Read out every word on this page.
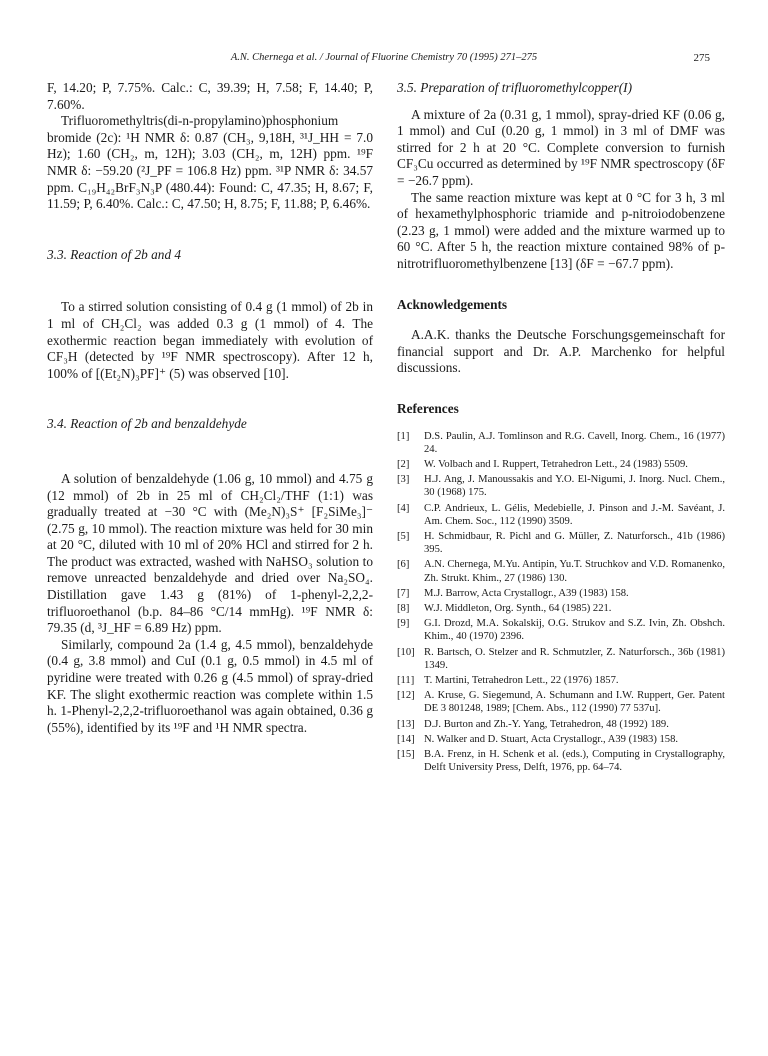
A.N. Chernega et al. / Journal of Fluorine Chemistry 70 (1995) 271–275	275

F, 14.20; P, 7.75%. Calc.: C, 39.39; H, 7.58; F, 14.40; P, 7.60%.

Trifluoromethyltris(di-n-propylamino)phosphonium bromide (2c): ¹H NMR δ: 0.87 (CH₃, 9,18H, ³¹J_HH = 7.0 Hz); 1.60 (CH₂, m, 12H); 3.03 (CH₂, m, 12H) ppm. ¹⁹F NMR δ: −59.20 (²J_PF = 106.8 Hz) ppm. ³¹P NMR δ: 34.57 ppm. C₁₉H₄₂BrF₃N₃P (480.44): Found: C, 47.35; H, 8.67; F, 11.59; P, 6.40%. Calc.: C, 47.50; H, 8.75; F, 11.88; P, 6.46%.

3.3. Reaction of 2b and 4

To a stirred solution consisting of 0.4 g (1 mmol) of 2b in 1 ml of CH₂Cl₂ was added 0.3 g (1 mmol) of 4. The exothermic reaction began immediately with evolution of CF₃H (detected by ¹⁹F NMR spectroscopy). After 12 h, 100% of [(Et₂N)₃PF]⁺ (5) was observed [10].

3.4. Reaction of 2b and benzaldehyde

A solution of benzaldehyde (1.06 g, 10 mmol) and 4.75 g (12 mmol) of 2b in 25 ml of CH₂Cl₂/THF (1:1) was gradually treated at −30 °C with (Me₂N)₃S⁺ [F₂SiMe₃]⁻ (2.75 g, 10 mmol). The reaction mixture was held for 30 min at 20 °C, diluted with 10 ml of 20% HCl and stirred for 2 h. The product was extracted, washed with NaHSO₃ solution to remove unreacted benzaldehyde and dried over Na₂SO₄. Distillation gave 1.43 g (81%) of 1-phenyl-2,2,2-trifluoroethanol (b.p. 84–86 °C/14 mmHg). ¹⁹F NMR δ: 79.35 (d, ³J_HF = 6.89 Hz) ppm.

Similarly, compound 2a (1.4 g, 4.5 mmol), benzaldehyde (0.4 g, 3.8 mmol) and CuI (0.1 g, 0.5 mmol) in 4.5 ml of pyridine were treated with 0.26 g (4.5 mmol) of spray-dried KF. The slight exothermic reaction was complete within 1.5 h. 1-Phenyl-2,2,2-trifluoroethanol was again obtained, 0.36 g (55%), identified by its ¹⁹F and ¹H NMR spectra.

3.5. Preparation of trifluoromethylcopper(I)

A mixture of 2a (0.31 g, 1 mmol), spray-dried KF (0.06 g, 1 mmol) and CuI (0.20 g, 1 mmol) in 3 ml of DMF was stirred for 2 h at 20 °C. Complete conversion to furnish CF₃Cu occurred as determined by ¹⁹F NMR spectroscopy (δF = −26.7 ppm).

The same reaction mixture was kept at 0 °C for 3 h, 3 ml of hexamethylphosphoric triamide and p-nitroiodobenzene (2.23 g, 1 mmol) were added and the mixture warmed up to 60 °C. After 5 h, the reaction mixture contained 98% of p-nitrotrifluoromethylbenzene [13] (δF = −67.7 ppm).

Acknowledgements

A.A.K. thanks the Deutsche Forschungsgemeinschaft for financial support and Dr. A.P. Marchenko for helpful discussions.

References
[1] D.S. Paulin, A.J. Tomlinson and R.G. Cavell, Inorg. Chem., 16 (1977) 24.
[2] W. Volbach and I. Ruppert, Tetrahedron Lett., 24 (1983) 5509.
[3] H.J. Ang, J. Manoussakis and Y.O. El-Nigumi, J. Inorg. Nucl. Chem., 30 (1968) 175.
[4] C.P. Andrieux, L. Gélis, Medebielle, J. Pinson and J.-M. Savéant, J. Am. Chem. Soc., 112 (1990) 3509.
[5] H. Schmidbaur, R. Pichl and G. Müller, Z. Naturforsch., 41b (1986) 395.
[6] A.N. Chernega, M.Yu. Antipin, Yu.T. Struchkov and V.D. Romanenko, Zh. Strukt. Khim., 27 (1986) 130.
[7] M.J. Barrow, Acta Crystallogr., A39 (1983) 158.
[8] W.J. Middleton, Org. Synth., 64 (1985) 221.
[9] G.I. Drozd, M.A. Sokalskij, O.G. Strukov and S.Z. Ivin, Zh. Obshch. Khim., 40 (1970) 2396.
[10] R. Bartsch, O. Stelzer and R. Schmutzler, Z. Naturforsch., 36b (1981) 1349.
[11] T. Martini, Tetrahedron Lett., 22 (1976) 1857.
[12] A. Kruse, G. Siegemund, A. Schumann and I.W. Ruppert, Ger. Patent DE 3 801248, 1989; [Chem. Abs., 112 (1990) 77 537u].
[13] D.J. Burton and Zh.-Y. Yang, Tetrahedron, 48 (1992) 189.
[14] N. Walker and D. Stuart, Acta Crystallogr., A39 (1983) 158.
[15] B.A. Frenz, in H. Schenk et al. (eds.), Computing in Crystallography, Delft University Press, Delft, 1976, pp. 64–74.
